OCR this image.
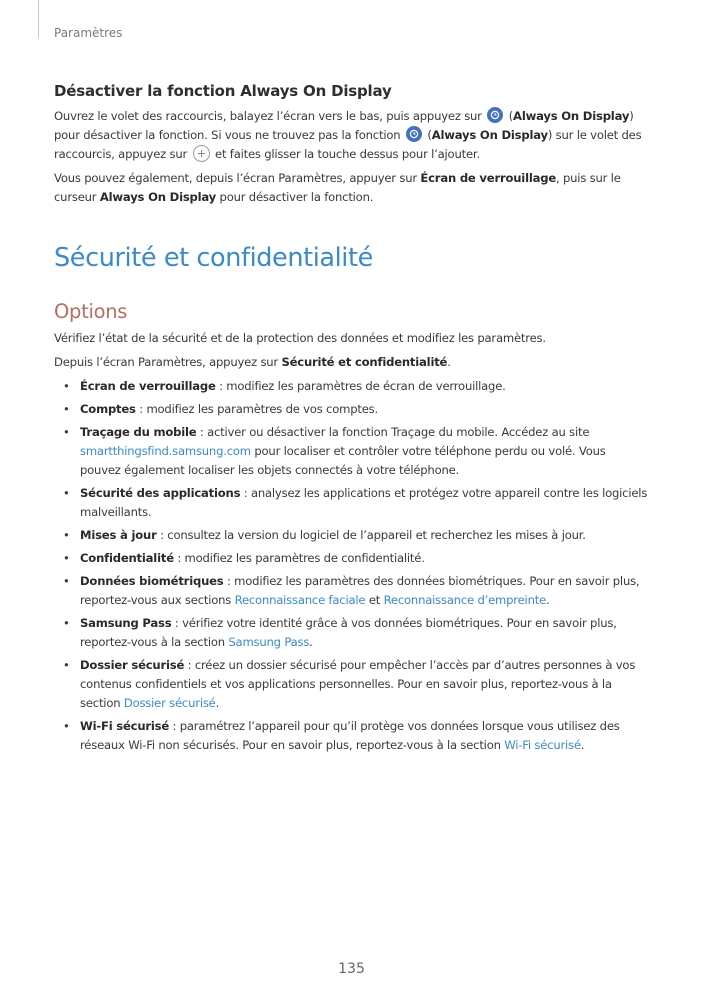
Paramètres
Désactiver la fonction Always On Display

Ouvrez le volet des raccourcis, balayez l’écran vers le bas, puis appuyez sur
(Always On Display) pour désactiver la fonction. Si vous ne trouvez pas la fonction
(Always On Display) sur le volet des raccourcis, appuyez sur
et faites glisser la touche dessus pour l’ajouter.

Vous pouvez également, depuis l’écran Paramètres, appuyer sur Écran de verrouillage, puis sur le curseur Always On Display pour désactiver la fonction.

Sécurité et confidentialité
Options

Vérifiez l’état de la sécurité et de la protection des données et modifiez les paramètres.

Depuis l’écran Paramètres, appuyez sur Sécurité et confidentialité.

• Écran de verrouillage : modifiez les paramètres de écran de verrouillage.
• Comptes : modifiez les paramètres de vos comptes.
• Traçage du mobile : activer ou désactiver la fonction Traçage du mobile. Accédez au site smartthingsfind.samsung.com pour localiser et contrôler votre téléphone perdu ou volé. Vous pouvez également localiser les objets connectés à votre téléphone.
• Sécurité des applications : analysez les applications et protégez votre appareil contre les logiciels malveillants.
• Mises à jour : consultez la version du logiciel de l’appareil et recherchez les mises à jour.
• Confidentialité : modifiez les paramètres de confidentialité.
• Données biométriques : modifiez les paramètres des données biométriques. Pour en savoir plus, reportez-vous aux sections Reconnaissance faciale et Reconnaissance d’empreinte.
• Samsung Pass : vérifiez votre identité grâce à vos données biométriques. Pour en savoir plus, reportez-vous à la section Samsung Pass.
• Dossier sécurisé : créez un dossier sécurisé pour empêcher l’accès par d’autres personnes à vos contenus confidentiels et vos applications personnelles. Pour en savoir plus, reportez-vous à la section Dossier sécurisé.
• Wi-Fi sécurisé : paramétrez l’appareil pour qu’il protège vos données lorsque vous utilisez des réseaux Wi-Fi non sécurisés. Pour en savoir plus, reportez-vous à la section Wi-Fi sécurisé.
135
